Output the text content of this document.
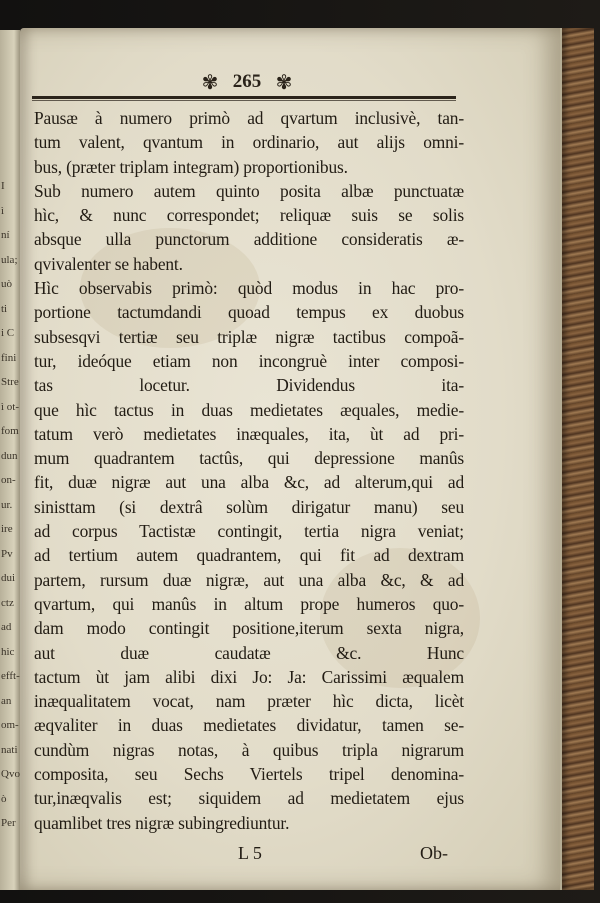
I
ì
ní
ula;
uò
ti
i C
fini
Stre
ì ot-
fom
dun
on-
ur.
ire
Pv
dui
ctz
ad
hic
efft-
an
om-
nati
Qvo
ò
Per
✾ 265 ✾
Pausæ à numero primò ad qvartum inclusivè, tan-
tum valent, qvantum in ordinario, aut alijs omni-
bus, (præter triplam integram) proportionibus.
Sub numero autem quinto posita albæ punctuatæ
hìc, & nunc correspondet; reliquæ suis se solis
absque ulla punctorum additione consideratis æ-
qvivalenter se habent.
Hìc observabis primò: quòd modus in hac pro-
portione tactumdandi quoad tempus ex duobus
subsesqvi tertiæ seu triplæ nigræ tactibus compoã-
tur, ideóque etiam non incongruè inter composi-
tas locetur. Dividendus ita-
que hìc tactus in duas medietates æquales, medie-
tatum verò medietates inæquales, ita, ùt ad pri-
mum quadrantem tactûs, qui depressione manûs
fit, duæ nigræ aut una alba &c, ad alterum,qui ad
sinisttam (si dextrâ solùm dirigatur manu) seu
ad corpus Tactistæ contingit, tertia nigra veniat;
ad tertium autem quadrantem, qui fit ad dextram
partem, rursum duæ nigræ, aut una alba &c, & ad
qvartum, qui manûs in altum prope humeros quo-
dam modo contingit positione,iterum sexta nigra,
aut duæ caudatæ &c. Hunc
tactum ùt jam alibi dixi Jo: Ja: Carissimi æqualem
inæqualitatem vocat, nam præter hìc dicta, licèt
æqvaliter in duas medietates dividatur, tamen se-
cundùm nigras notas, à quibus tripla nigrarum
composita, seu Sechs Viertels tripel denomina-
tur,inæqvalis est; siquidem ad medietatem ejus
quamlibet tres nigræ subingrediuntur.
L 5	Ob-
